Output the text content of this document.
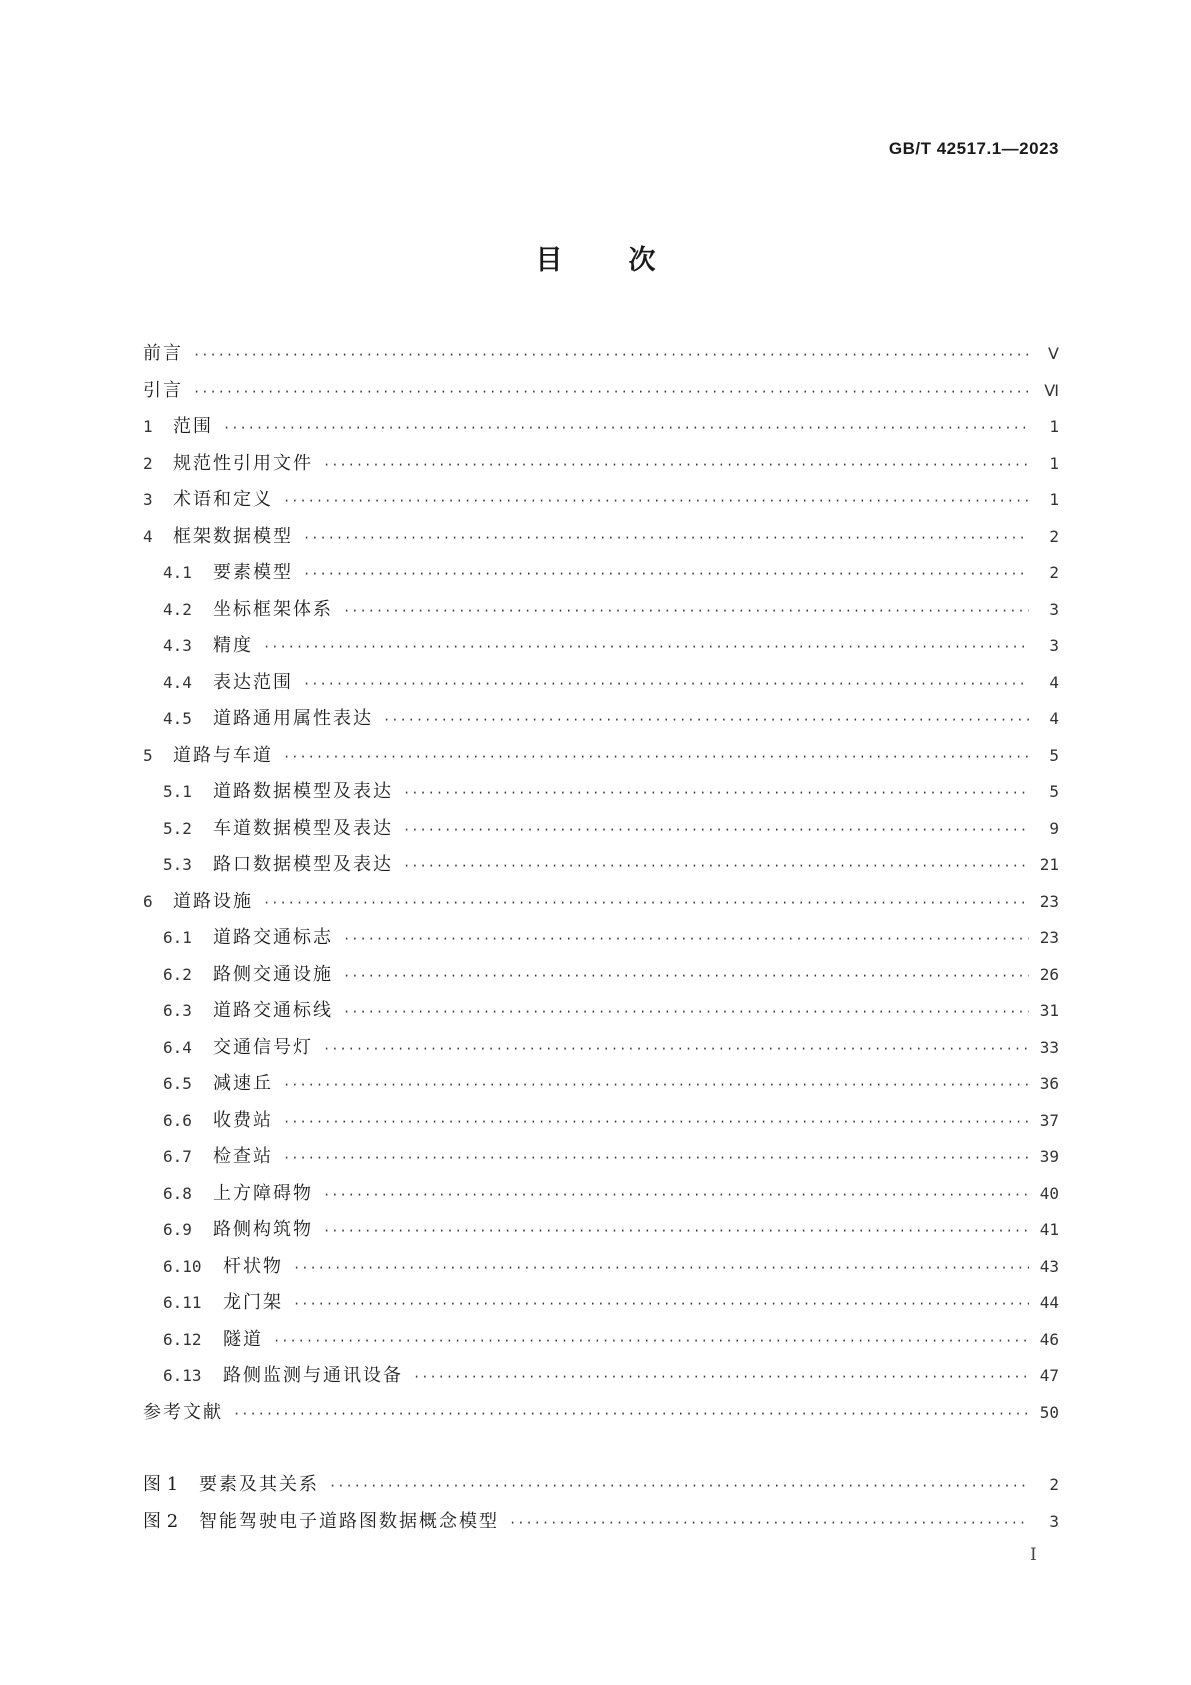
GB/T 42517.1—2023
目次
前言 ·····	Ⅴ
引言 ·····	Ⅵ
1	范围 ·····	1
2	规范性引用文件 ·····	1
3	术语和定义 ·····	1
4	框架数据模型 ·····	2
4.1	要素模型 ·····	2
4.2	坐标框架体系 ·····	3
4.3	精度 ·····	3
4.4	表达范围 ·····	4
4.5	道路通用属性表达 ·····	4
5	道路与车道 ·····	5
5.1	道路数据模型及表达 ·····	5
5.2	车道数据模型及表达 ·····	9
5.3	路口数据模型及表达 ·····	21
6	道路设施 ·····	23
6.1	道路交通标志 ·····	23
6.2	路侧交通设施 ·····	26
6.3	道路交通标线 ·····	31
6.4	交通信号灯 ·····	33
6.5	减速丘 ·····	36
6.6	收费站 ·····	37
6.7	检查站 ·····	39
6.8	上方障碍物 ·····	40
6.9	路侧构筑物 ·····	41
6.10	杆状物 ·····	43
6.11	龙门架 ·····	44
6.12	隧道 ·····	46
6.13	路侧监测与通讯设备 ·····	47
参考文献 ·····	50
图 1	要素及其关系 ·····	2
图 2	智能驾驶电子道路图数据概念模型 ·····	3
I
